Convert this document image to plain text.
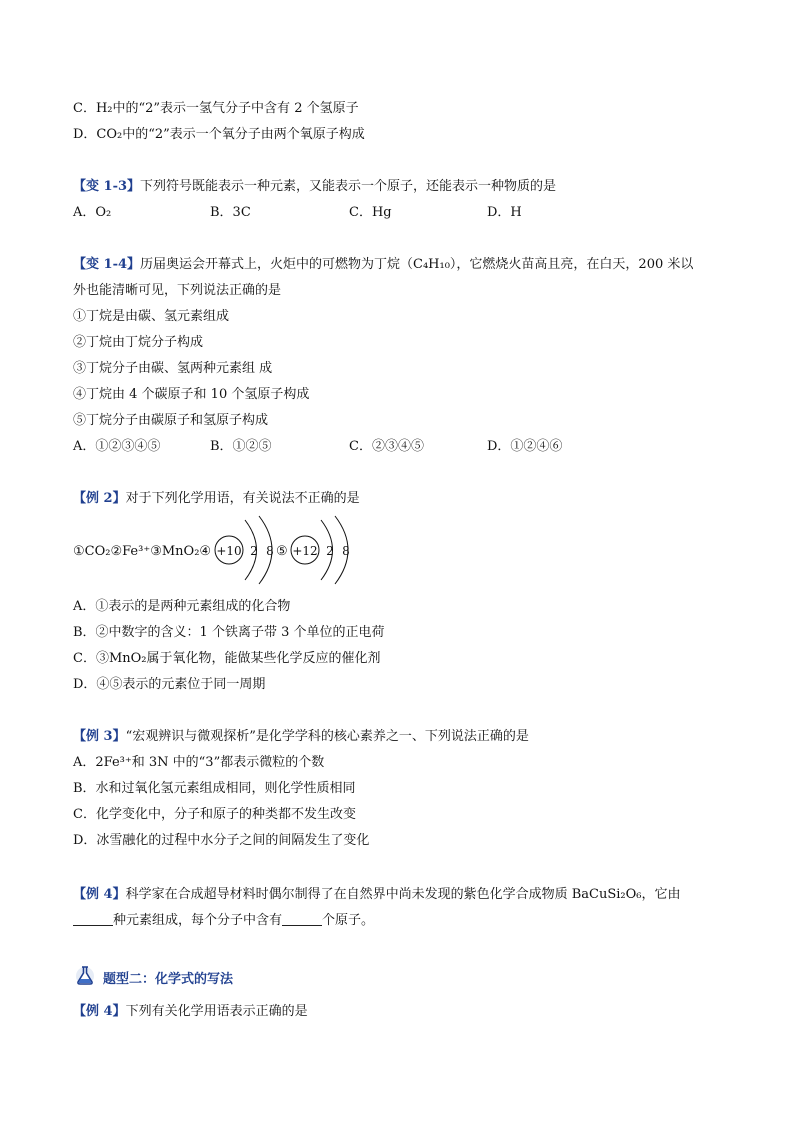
C．H₂中的“2”表示一氢气分子中含有 2 个氢原子
D．CO₂中的“2”表示一个氧分子由两个氧原子构成
【变 1-3】下列符号既能表示一种元素，又能表示一个原子，还能表示一种物质的是
A．O₂	B．3C	C．Hg	D．H
【变 1-4】历届奥运会开幕式上，火炬中的可燃物为丁烷（C₄H₁₀），它燃烧火苗高且亮，在白天，200 米以
外也能清晰可见，下列说法正确的是
①丁烷是由碳、氢元素组成
②丁烷由丁烷分子构成
③丁烷分子由碳、氢两种元素组 成
④丁烷由 4 个碳原子和 10 个氢原子构成
⑤丁烷分子由碳原子和氢原子构成
A．①②③④⑤	B．①②⑤	C．②③④⑤	D．①②④⑥
【例 2】对于下列化学用语，有关说法不正确的是
①CO₂②Fe³⁺③MnO₂④ +10 2 8 ⑤ +12 2 8
A．①表示的是两种元素组成的化合物
B．②中数字的含义：1 个铁离子带 3 个单位的正电荷
C．③MnO₂属于氧化物，能做某些化学反应的催化剂
D．④⑤表示的元素位于同一周期
【例 3】“宏观辨识与微观探析”是化学学科的核心素养之一、下列说法正确的是
A．2Fe³⁺和 3N 中的“3”都表示微粒的个数
B．水和过氧化氢元素组成相同，则化学性质相同
C．化学变化中，分子和原子的种类都不发生改变
D．冰雪融化的过程中水分子之间的间隔发生了变化
【例 4】科学家在合成超导材料时偶尔制得了在自然界中尚未发现的紫色化学合成物质 BaCuSi₂O₆，它由
种元素组成，每个分子中含有	个原子。
题型二：化学式的写法
【例 4】下列有关化学用语表示正确的是
